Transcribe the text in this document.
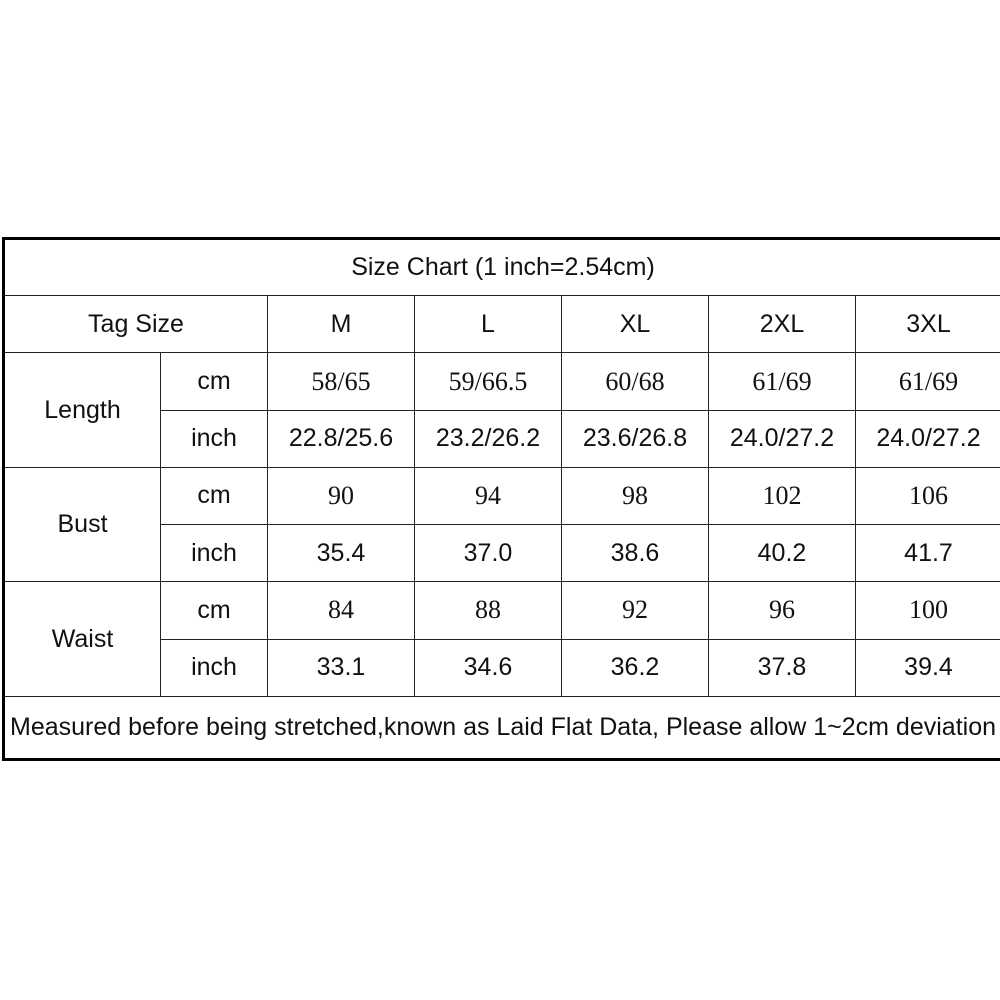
Size Chart (1 inch=2.54cm)						
Tag Size		M	L	XL	2XL	3XL
Length	cm	58/65	59/66.5	60/68	61/69	61/69
	inch	22.8/25.6	23.2/26.2	23.6/26.8	24.0/27.2	24.0/27.2
Bust	cm	90	94	98	102	106
	inch	35.4	37.0	38.6	40.2	41.7
Waist	cm	84	88	92	96	100
	inch	33.1	34.6	36.2	37.8	39.4
Measured before being stretched,known as Laid Flat Data, Please allow 1~2cm deviation						
